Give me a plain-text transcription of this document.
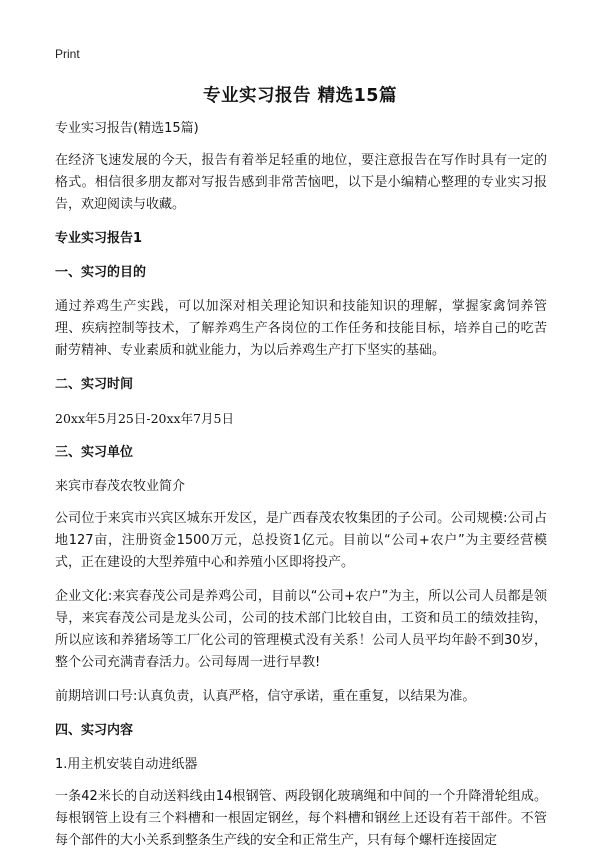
Print
专业实习报告 精选15篇

专业实习报告(精选15篇)

在经济飞速发展的今天，报告有着举足轻重的地位，要注意报告在写作时具有一定的格式。相信很多朋友都对写报告感到非常苦恼吧，以下是小编精心整理的专业实习报告，欢迎阅读与收藏。

专业实习报告1

一、实习的目的

通过养鸡生产实践，可以加深对相关理论知识和技能知识的理解，掌握家禽饲养管理、疾病控制等技术，了解养鸡生产各岗位的工作任务和技能目标，培养自己的吃苦耐劳精神、专业素质和就业能力，为以后养鸡生产打下坚实的基础。

二、实习时间

20xx年5月25日-20xx年7月5日

三、实习单位

来宾市春茂农牧业简介

公司位于来宾市兴宾区城东开发区，是广西春茂农牧集团的子公司。公司规模:公司占地127亩，注册资金1500万元，总投资1亿元。目前以“公司+农户”为主要经营模式，正在建设的大型养殖中心和养殖小区即将投产。

企业文化:来宾春茂公司是养鸡公司，目前以“公司+农户”为主，所以公司人员都是领导，来宾春茂公司是龙头公司，公司的技术部门比较自由，工资和员工的绩效挂钩，所以应该和养猪场等工厂化公司的管理模式没有关系！公司人员平均年龄不到30岁，整个公司充满青春活力。公司每周一进行早教!

前期培训口号:认真负责，认真严格，信守承诺，重在重复，以结果为准。

四、实习内容

1.用主机安装自动进纸器

一条42米长的自动送料线由14根钢管、两段钢化玻璃绳和中间的一个升降滑轮组成。每根钢管上设有三个料槽和一根固定钢丝，每个料槽和钢丝上还设有若干部件。不管每个部件的大小关系到整条生产线的安全和正常生产，只有每个螺杆连接固定
